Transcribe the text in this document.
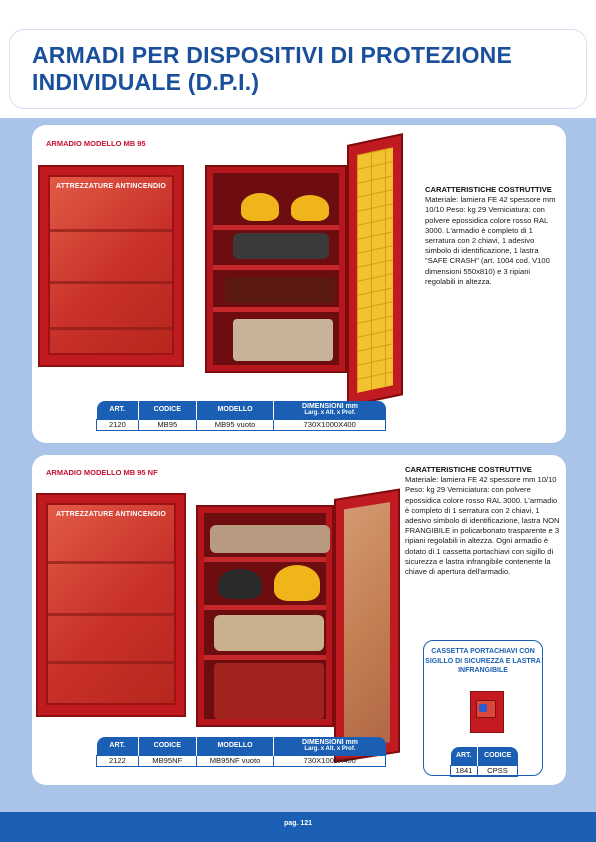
ARMADI PER DISPOSITIVI DI PROTEZIONE INDIVIDUALE (D.P.I.)
ARMADIO MODELLO MB 95
ATTREZZATURE ANTINCENDIO	CARATTERISTICHE COSTRUTTIVE
Materiale: lamiera FE 42 spessore mm 10/10 Peso: kg 29 Verniciatura: con polvere epossidica colore rosso RAL 3000. L'armadio è completo di 1 serratura con 2 chiavi, 1 adesivo simbolo di identificazione, 1 lastra "SAFE CRASH" (art. 1004 cod. V100 dimensioni 550x810) e 3 ripiani regolabili in altezza.
ART.	CODICE	MODELLO	DIMENSIONI mm
Larg. x Alt. x Prof.

2120	MB95	MB95 vuoto	730X1000X400
ARMADIO MODELLO MB 95 NF
ATTREZZATURE ANTINCENDIO
CARATTERISTICHE COSTRUTTIVE
Materiale: lamiera FE 42 spessore mm 10/10 Peso: kg 29 Verniciatura: con polvere epossidica colore rosso RAL 3000. L'armadio è completo di 1 serratura con 2 chiavi, 1 adesivo simbolo di identificazione, lastra NON FRANGIBILE in policarbonato trasparente e 3 ripiani regolabili in altezza. Ogni armadio è dotato di 1 cassetta portachiavi con sigillo di sicurezza e lastra infrangibile contenente la chiave di apertura dell'armadio.
ART.	CODICE	MODELLO	DIMENSIONI mm
Larg. x Alt. x Prof.

2122	MB95NF	MB95NF vuoto	730X1000X400
CASSETTA PORTACHIAVI CON SIGILLO DI SICUREZZA E LASTRA INFRANGIBILE
ART.	CODICE
1841	CPSS
pag. 121
